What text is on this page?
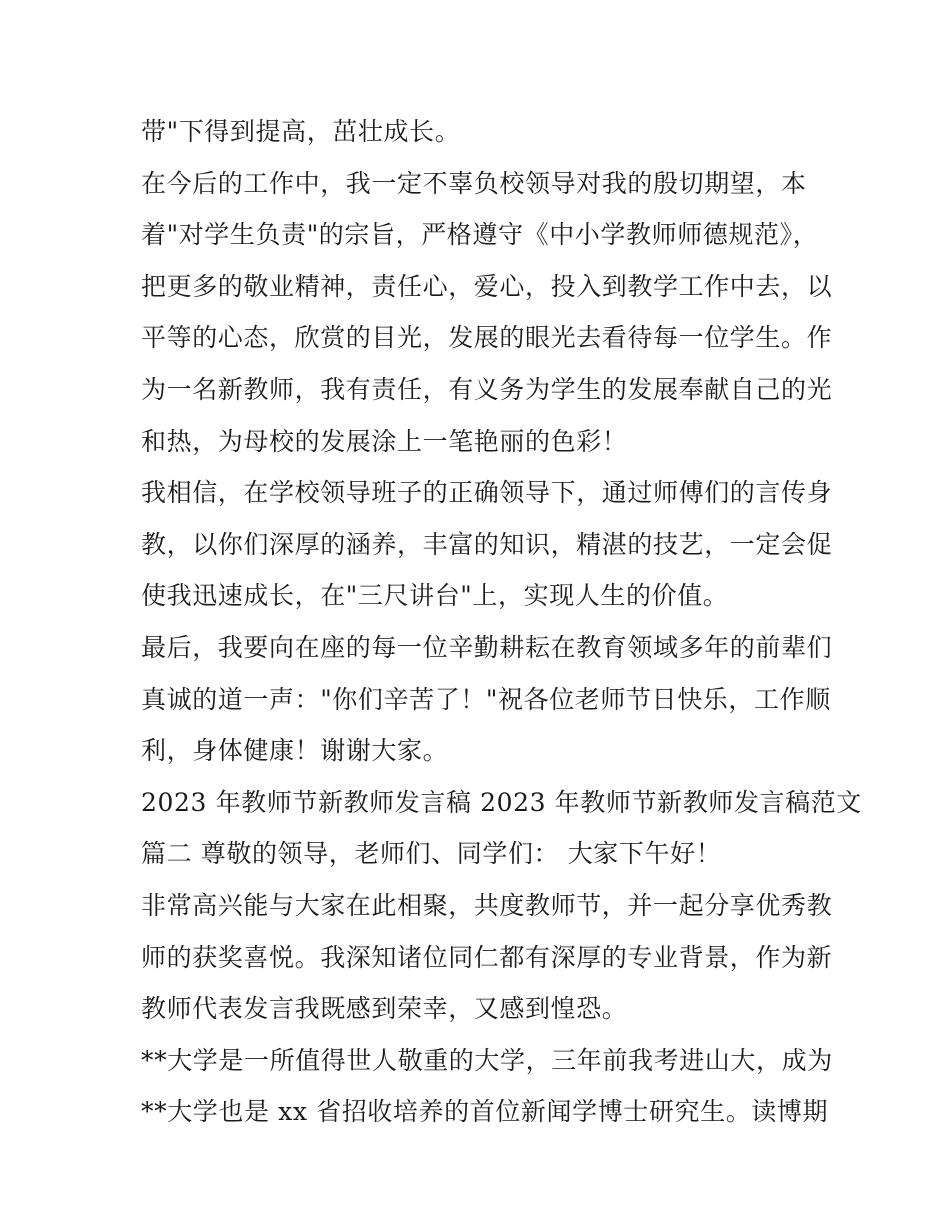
带"下得到提高，茁壮成长。
在今后的工作中，我一定不辜负校领导对我的殷切期望，本
着"对学生负责"的宗旨，严格遵守《中小学教师师德规范》，
把更多的敬业精神，责任心，爱心，投入到教学工作中去，以
平等的心态，欣赏的目光，发展的眼光去看待每一位学生。作
为一名新教师，我有责任，有义务为学生的发展奉献自己的光
和热，为母校的发展涂上一笔艳丽的色彩！
我相信，在学校领导班子的正确领导下，通过师傅们的言传身
教，以你们深厚的涵养，丰富的知识，精湛的技艺，一定会促
使我迅速成长，在"三尺讲台"上，实现人生的价值。
最后，我要向在座的每一位辛勤耕耘在教育领域多年的前辈们
真诚的道一声："你们辛苦了！"祝各位老师节日快乐，工作顺
利，身体健康！谢谢大家。
2023 年教师节新教师发言稿 2023 年教师节新教师发言稿范文
篇二 尊敬的领导，老师们、同学们： 大家下午好！
非常高兴能与大家在此相聚，共度教师节，并一起分享优秀教
师的获奖喜悦。我深知诸位同仁都有深厚的专业背景，作为新
教师代表发言我既感到荣幸，又感到惶恐。
**大学是一所值得世人敬重的大学，三年前我考进山大，成为
**大学也是 xx 省招收培养的首位新闻学博士研究生。读博期
